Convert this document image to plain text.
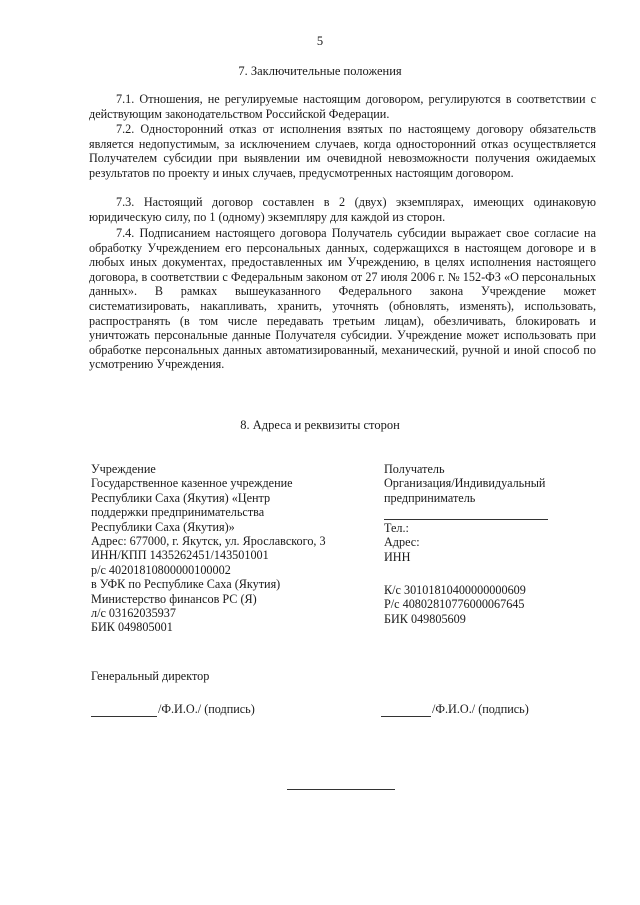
5
7. Заключительные положения

7.1. Отношения, не регулируемые настоящим договором, регулируются в соответствии с действующим законодательством Российской Федерации.

7.2. Односторонний отказ от исполнения взятых по настоящему договору обязательств является недопустимым, за исключением случаев, когда односторонний отказ осуществляется Получателем субсидии при выявлении им очевидной невозможности получения ожидаемых результатов по проекту и иных случаев, предусмотренных настоящим договором.

7.3. Настоящий договор составлен в 2 (двух) экземплярах, имеющих одинаковую юридическую силу, по 1 (одному) экземпляру для каждой из сторон.

7.4. Подписанием настоящего договора Получатель субсидии выражает свое согласие на обработку Учреждением его персональных данных, содержащихся в настоящем договоре и в любых иных документах, предоставленных им Учреждению, в целях исполнения настоящего договора, в соответствии с Федеральным законом от 27 июля 2006 г. № 152-ФЗ «О персональных данных». В рамках вышеуказанного Федерального закона Учреждение может систематизировать, накапливать, хранить, уточнять (обновлять, изменять), использовать, распространять (в том числе передавать третьим лицам), обезличивать, блокировать и уничтожать персональные данные Получателя субсидии. Учреждение может использовать при обработке персональных данных автоматизированный, механический, ручной и иной способ по усмотрению Учреждения.

8. Адреса и реквизиты сторон
Учреждение
Государственное казенное учреждение
Республики Саха (Якутия) «Центр
поддержки предпринимательства
Республики Саха (Якутия)»
Адрес: 677000, г. Якутск, ул. Ярославского, 3
ИНН/КПП 1435262451/143501001
р/с 40201810800000100002
в УФК по Республике Саха (Якутия)
Министерство финансов РС (Я)
л/с 03162035937
БИК 049805001
Получатель
Организация/Индивидуальный
предприниматель
Тел.:
Адрес:
ИНН
К/с 30101810400000000609
Р/с 40802810776000067645
БИК 049805609
Генеральный директор
/Ф.И.О./ (подпись)	/Ф.И.О./ (подпись)
